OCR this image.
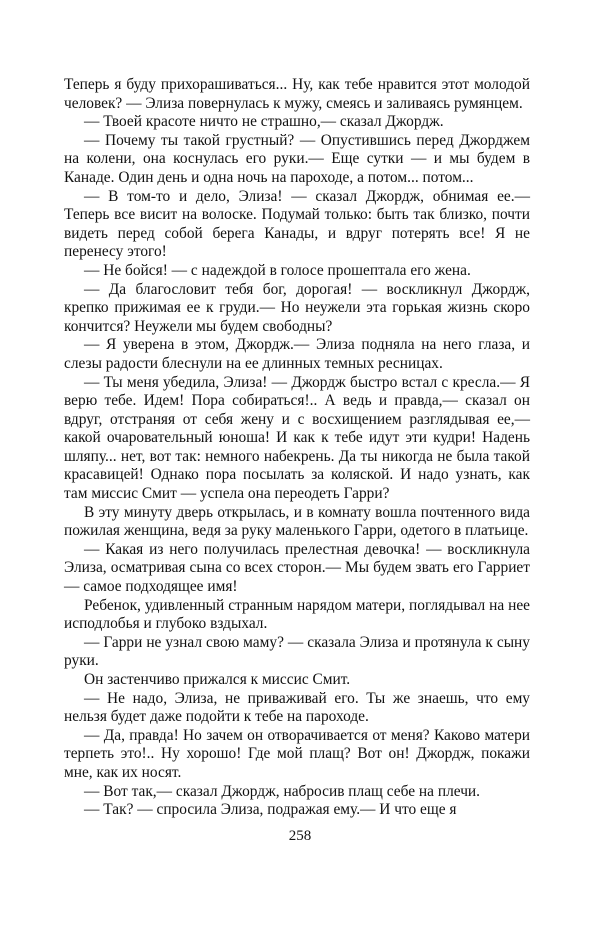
Теперь я буду прихорашиваться... Ну, как тебе нравится этот молодой человек? — Элиза повернулась к мужу, смеясь и заливаясь румянцем.

— Твоей красоте ничто не страшно,— сказал Джордж.

— Почему ты такой грустный? — Опустившись перед Джорджем на колени, она коснулась его руки.— Еще сутки — и мы будем в Канаде. Один день и одна ночь на пароходе, а потом... потом...

— В том-то и дело, Элиза! — сказал Джордж, обнимая ее.— Теперь все висит на волоске. Подумай только: быть так близко, почти видеть перед собой берега Канады, и вдруг потерять все! Я не перенесу этого!

— Не бойся! — с надеждой в голосе прошептала его жена.

— Да благословит тебя бог, дорогая! — воскликнул Джордж, крепко прижимая ее к груди.— Но неужели эта горькая жизнь скоро кончится? Неужели мы будем свободны?

— Я уверена в этом, Джордж.— Элиза подняла на него глаза, и слезы радости блеснули на ее длинных темных ресницах.

— Ты меня убедила, Элиза! — Джордж быстро встал с кресла.— Я верю тебе. Идем! Пора собираться!.. А ведь и правда,— сказал он вдруг, отстраняя от себя жену и с восхищением разглядывая ее,— какой очаровательный юноша! И как к тебе идут эти кудри! Надень шляпу... нет, вот так: немного набекрень. Да ты никогда не была такой красавицей! Однако пора посылать за коляской. И надо узнать, как там миссис Смит — успела она переодеть Гарри?

В эту минуту дверь открылась, и в комнату вошла почтенного вида пожилая женщина, ведя за руку маленького Гарри, одетого в платьице.

— Какая из него получилась прелестная девочка! — воскликнула Элиза, осматривая сына со всех сторон.— Мы будем звать его Гарриет — самое подходящее имя!

Ребенок, удивленный странным нарядом матери, поглядывал на нее исподлобья и глубоко вздыхал.

— Гарри не узнал свою маму? — сказала Элиза и протянула к сыну руки.

Он застенчиво прижался к миссис Смит.

— Не надо, Элиза, не приваживай его. Ты же знаешь, что ему нельзя будет даже подойти к тебе на пароходе.

— Да, правда! Но зачем он отворачивается от меня? Каково матери терпеть это!.. Ну хорошо! Где мой плащ? Вот он! Джордж, покажи мне, как их носят.

— Вот так,— сказал Джордж, набросив плащ себе на плечи.

— Так? — спросила Элиза, подражая ему.— И что еще я

258
